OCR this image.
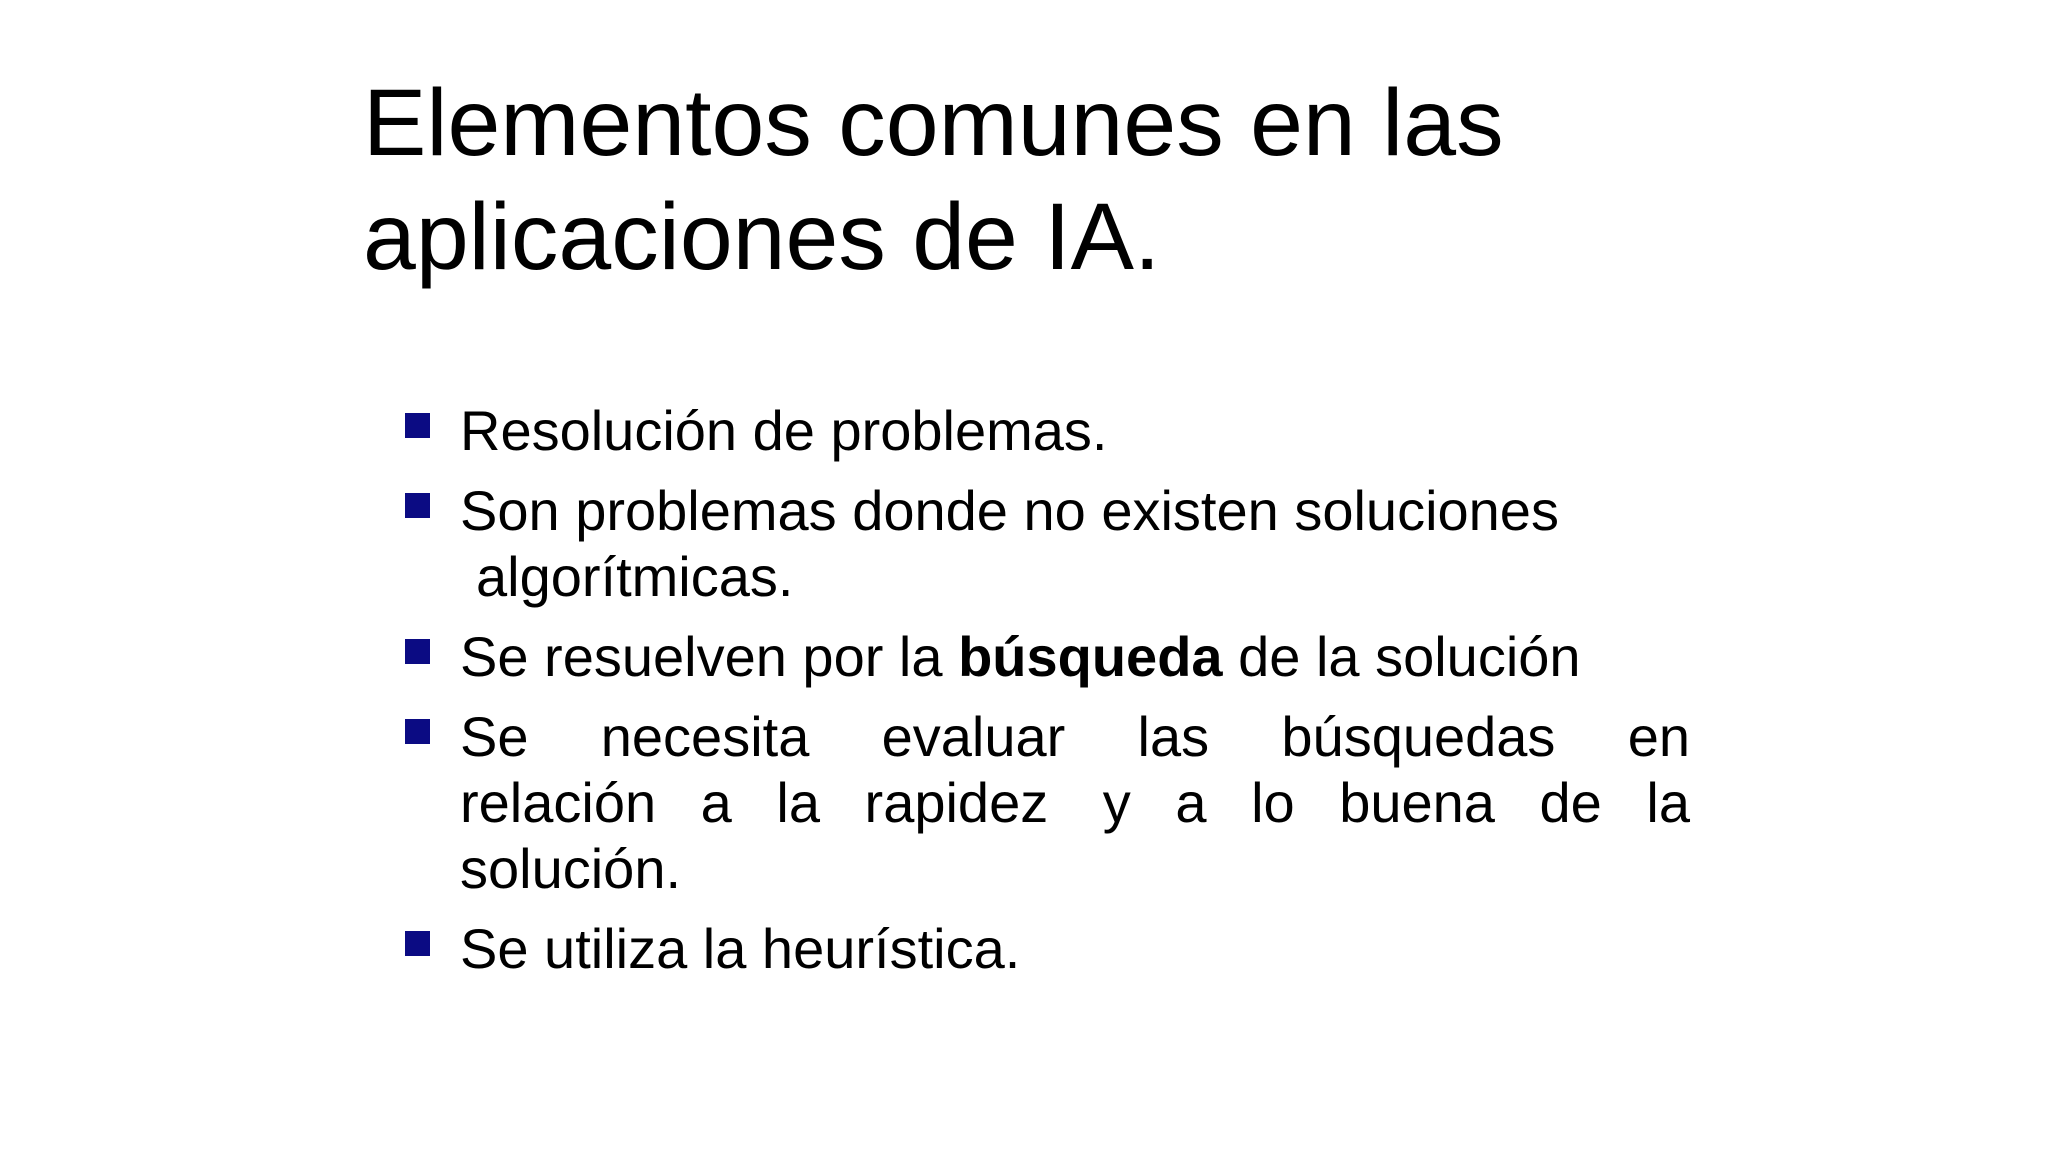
Elementos comunes en las
aplicaciones de IA.
Resolución de problemas.
Son problemas donde no existen soluciones
algorítmicas.
Se resuelven por la búsqueda de la solución
Se necesita evaluar las búsquedas en
relación a la rapidez y a lo buena de la
solución.
Se utiliza la heurística.
